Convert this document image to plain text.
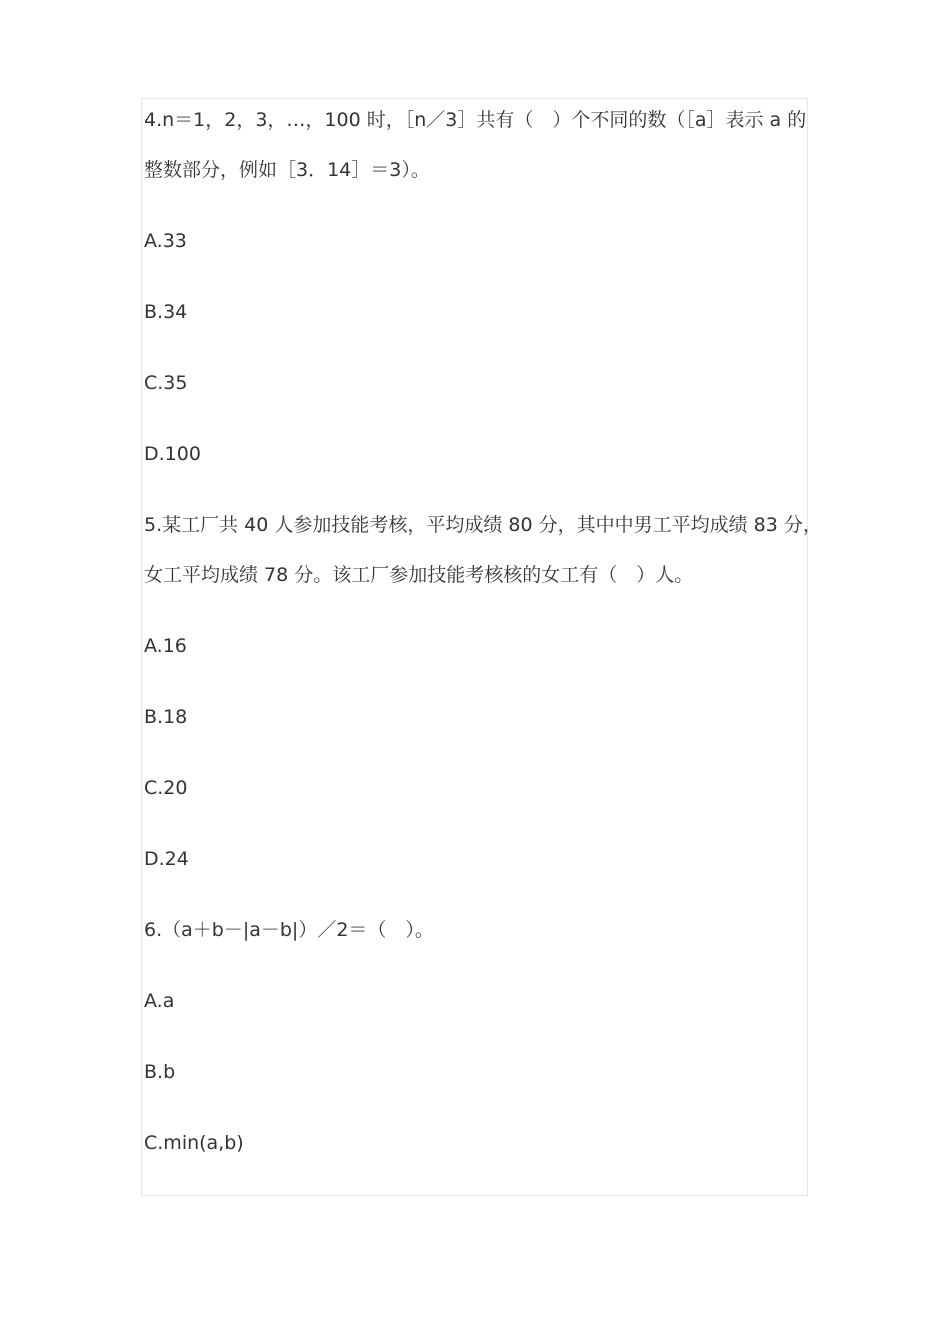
4.n＝1，2，3，…，100 时，［n／3］共有（　）个不同的数（［a］表示 a 的
整数部分，例如［3．14］＝3）。
A.33
B.34
C.35
D.100
5.某工厂共 40 人参加技能考核，平均成绩 80 分，其中中男工平均成绩 83 分，
女工平均成绩 78 分。该工厂参加技能考核核的女工有（　）人。
A.16
B.18
C.20
D.24
6.（a＋b－|a－b|）／2＝（　）。
A.a
B.b
C.min(a,b)
